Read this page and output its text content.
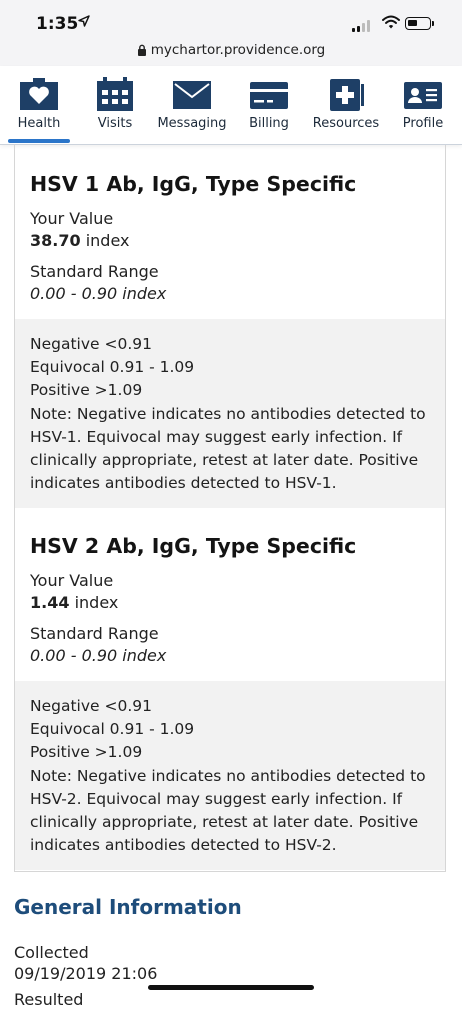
1:35
mychartor.providence.org
Health	Visits	Messaging	Billing	Resources	Profile
HSV 1 Ab, IgG, Type Specific
Your Value
38.70 index
Standard Range
0.00 - 0.90 index
Negative <0.91
Equivocal 0.91 - 1.09
Positive >1.09
Note: Negative indicates no antibodies detected to
HSV-1. Equivocal may suggest early infection. If
clinically appropriate, retest at later date. Positive
indicates antibodies detected to HSV-1.
HSV 2 Ab, IgG, Type Specific
Your Value
1.44 index
Standard Range
0.00 - 0.90 index
Negative <0.91
Equivocal 0.91 - 1.09
Positive >1.09
Note: Negative indicates no antibodies detected to
HSV-2. Equivocal may suggest early infection. If
clinically appropriate, retest at later date. Positive
indicates antibodies detected to HSV-2.
General Information
Collected
09/19/2019 21:06
Resulted
